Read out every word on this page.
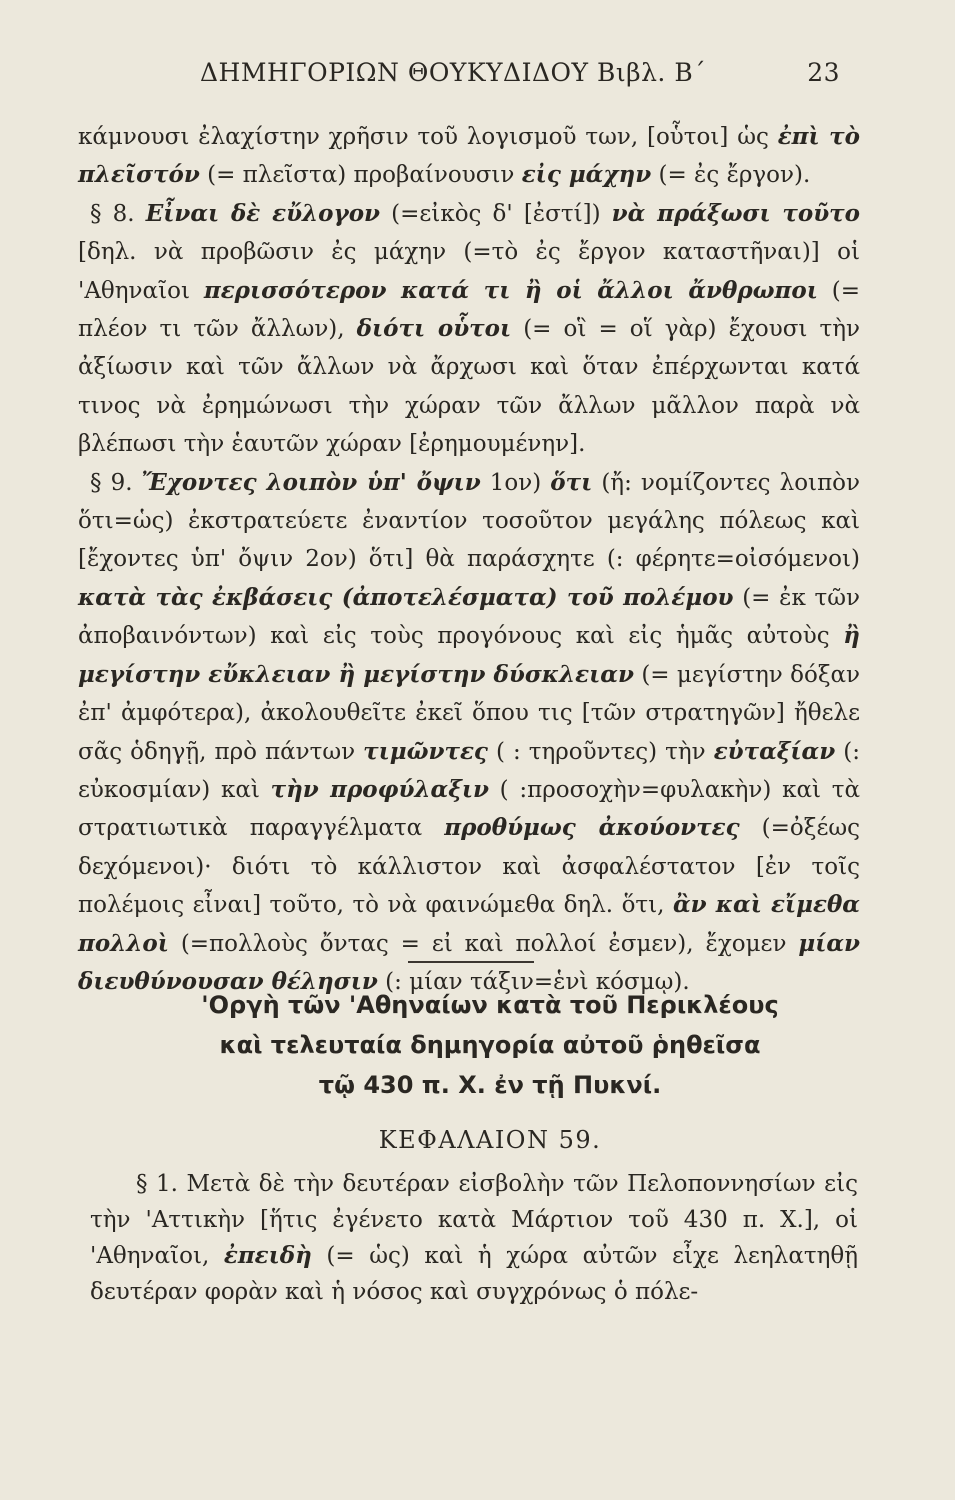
ΔΗΜΗΓΟΡΙΩΝ ΘΟΥΚΥΔΙΔΟΥ Βιβλ. Β΄	23

κάμνουσι ἐλαχίστην χρῆσιν τοῦ λογισμοῦ των, [οὗτοι] ὡς ἐπὶ τὸ πλεῖστόν (= πλεῖστα) προβαίνουσιν εἰς μάχην (= ἐς ἔργον).

§ 8. Εἶναι δὲ εὔλογον (=εἰκὸς δ' [ἐστί]) νὰ πράξωσι τοῦτο [δηλ. νὰ προβῶσιν ἐς μάχην (=τὸ ἐς ἔργον καταστῆναι)] οἱ 'Αθηναῖοι περισσότερον κατά τι ἢ οἱ ἄλλοι ἄνθρωποι (= πλέον τι τῶν ἄλλων), διότι οὗτοι (= οἳ = οἵ γὰρ) ἔχουσι τὴν ἀξίωσιν καὶ τῶν ἄλλων νὰ ἄρχωσι καὶ ὅταν ἐπέρχωνται κατά τινος νὰ ἐρημώνωσι τὴν χώραν τῶν ἄλλων μᾶλλον παρὰ νὰ βλέπωσι τὴν ἑαυτῶν χώραν [ἐρημουμένην].

§ 9. Ἔχοντες λοιπὸν ὑπ' ὄψιν 1ον) ὅτι (ἤ: νομίζοντες λοιπὸν ὅτι=ὡς) ἐκστρατεύετε ἐναντίον τοσοῦτον μεγάλης πόλεως καὶ [ἔχοντες ὑπ' ὄψιν 2ον) ὅτι] θὰ παράσχητε (: φέρητε=οἰσόμενοι) κατὰ τὰς ἐκβάσεις (ἀποτελέσματα) τοῦ πολέμου (= ἐκ τῶν ἀποβαινόντων) καὶ εἰς τοὺς προγόνους καὶ εἰς ἡμᾶς αὐτοὺς ἢ μεγίστην εὔκλειαν ἢ μεγίστην δύσκλειαν (= μεγίστην δόξαν ἐπ' ἀμφότερα), ἀκολουθεῖτε ἐκεῖ ὅπου τις [τῶν στρατηγῶν] ἤθελε σᾶς ὁδηγῇ, πρὸ πάντων τιμῶντες ( : τηροῦντες) τὴν εὐταξίαν (: εὐκοσμίαν) καὶ τὴν προφύλαξιν ( :προσοχὴν=φυλακὴν) καὶ τὰ στρατιωτικὰ παραγγέλματα προθύμως ἀκούοντες (=ὀξέως δεχόμενοι)· διότι τὸ κάλλιστον καὶ ἀσφαλέστατον [ἐν τοῖς πολέμοις εἶναι] τοῦτο, τὸ νὰ φαινώμεθα δηλ. ὅτι, ἂν καὶ εἴμεθα πολλοὶ (=πολλοὺς ὄντας = εἰ καὶ πολλοί ἐσμεν), ἔχομεν μίαν διευθύνουσαν θέλησιν (: μίαν τάξιν=ἑνὶ κόσμῳ).

'Οργὴ τῶν 'Αθηναίων κατὰ τοῦ Περικλέους
καὶ τελευταία δημηγορία αὐτοῦ ῥηθεῖσα
τῷ 430 π. Χ. ἐν τῇ Πυκνί.
ΚΕΦΑΛΑΙΟΝ 59.

§ 1. Μετὰ δὲ τὴν δευτέραν εἰσβολὴν τῶν Πελοποννησίων εἰς τὴν 'Αττικὴν [ἥτις ἐγένετο κατὰ Μάρτιον τοῦ 430 π. Χ.], οἱ 'Αθηναῖοι, ἐπειδὴ (= ὡς) καὶ ἡ χώρα αὐτῶν εἶχε λεηλατηθῇ δευτέραν φορὰν καὶ ἡ νόσος καὶ συγχρόνως ὁ πόλε-
